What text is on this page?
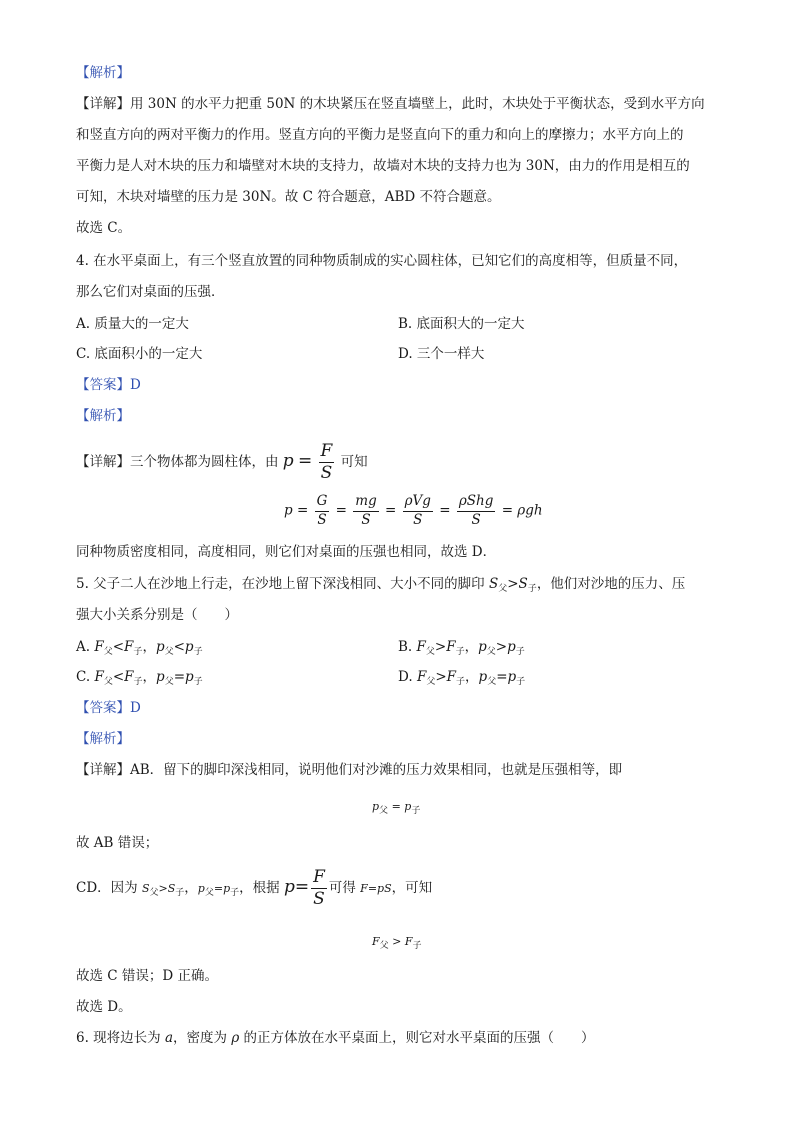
【解析】
【详解】用 30N 的水平力把重 50N 的木块紧压在竖直墙壁上，此时，木块处于平衡状态，受到水平方向
和竖直方向的两对平衡力的作用。竖直方向的平衡力是竖直向下的重力和向上的摩擦力；水平方向上的
平衡力是人对木块的压力和墙壁对木块的支持力，故墙对木块的支持力也为 30N，由力的作用是相互的
可知，木块对墙壁的压力是 30N。故 C 符合题意，ABD 不符合题意。
故选 C。
4. 在水平桌面上，有三个竖直放置的同种物质制成的实心圆柱体，已知它们的高度相等，但质量不同，
那么它们对桌面的压强．
A. 质量大的一定大	B. 底面积大的一定大
C. 底面积小的一定大	D. 三个一样大
【答案】D
【解析】
【详解】三个物体都为圆柱体，由 $p = \frac{F}{S}$ 可知
$p = \frac{G}{S} = \frac{mg}{S} = \frac{\text{ρVg}}{S} = \frac{\text{ρShg}}{S} = \rho gh$
同种物质密度相同，高度相同，则它们对桌面的压强也相同，故选 D．
5. 父子二人在沙地上行走，在沙地上留下深浅相同、大小不同的脚印 $S_父>S_子$，他们对沙地的压力、压
强大小关系分别是（　　）
A. $F_父<F_子$，$p_父<p_子$	B. $F_父>F_子$，$p_父>p_子$
C. $F_父<F_子$，$p_父=p_子$	D. $F_父>F_子$，$p_父=p_子$
【答案】D
【解析】
【详解】AB．留下的脚印深浅相同，说明他们对沙滩的压力效果相同，也就是压强相等，即
$p_父 = p_子$
故 AB 错误；
CD．因为 $S_父>S_子$，$p_父=p_子$，根据 $p= \frac{F}{S}$ 可得 F=pS，可知
$F_父 > F_子$
故选 C 错误；D 正确。
故选 D。
6. 现将边长为 a，密度为 ρ 的正方体放在水平桌面上，则它对水平桌面的压强（　　）
